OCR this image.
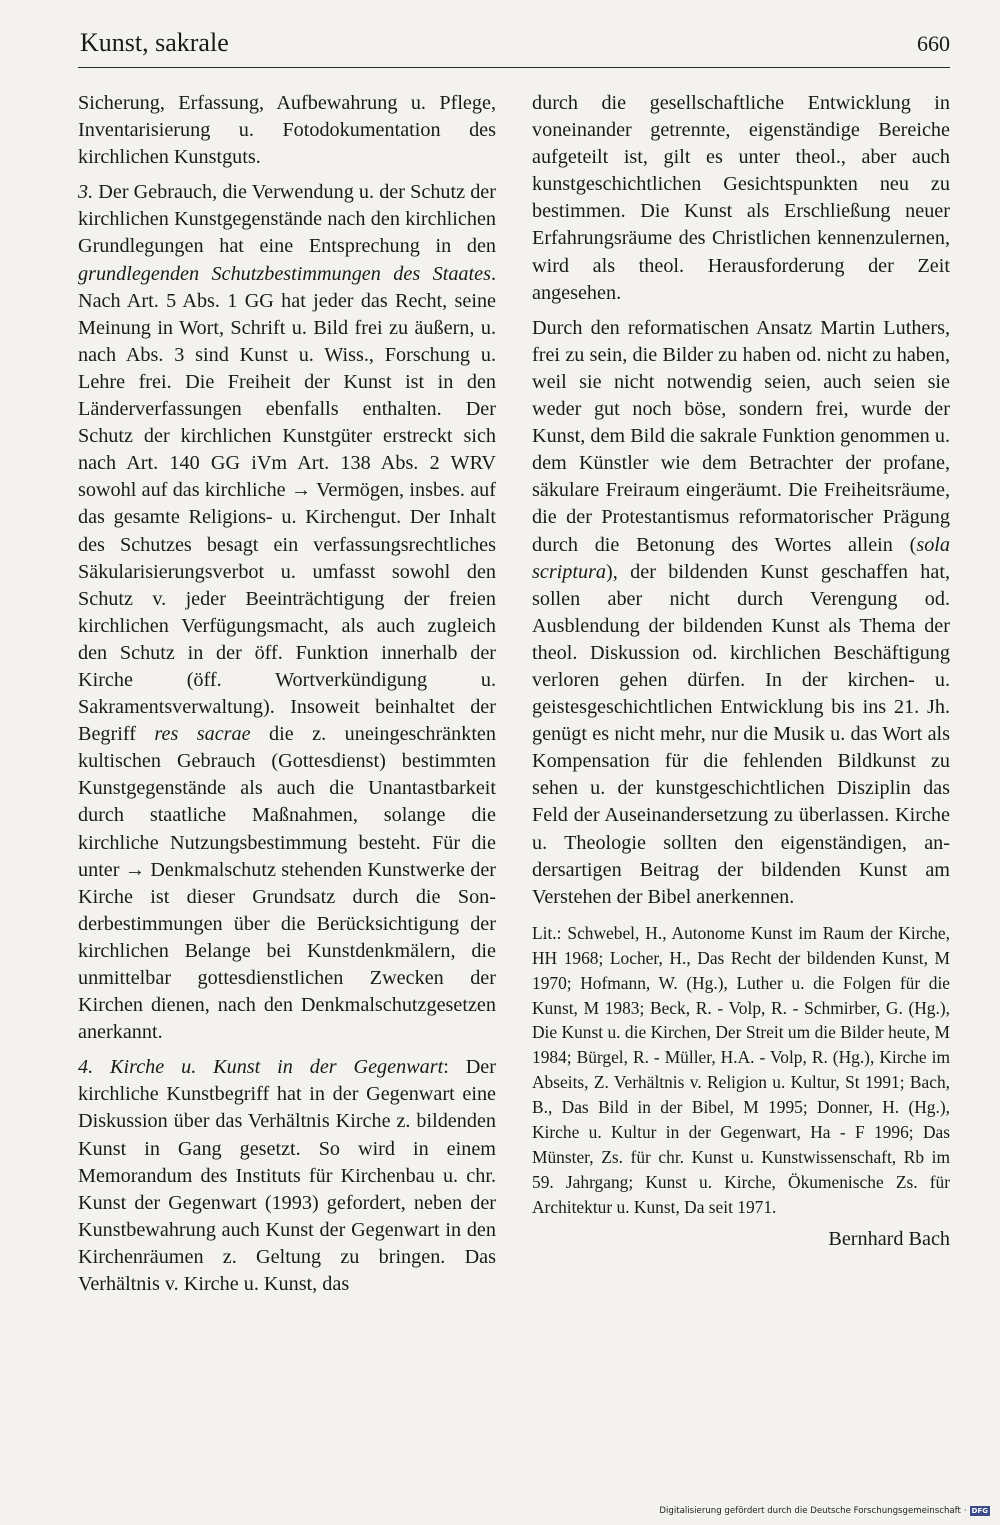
Kunst, sakrale	660

Sicherung, Erfassung, Aufbewahrung u. Pflege, Inventarisierung u. Fotodokumentation des kirchlichen Kunstguts.

3. Der Gebrauch, die Verwendung u. der Schutz der kirchlichen Kunstgegenstände nach den kirchlichen Grundlegungen hat eine Entsprechung in den grundlegenden Schutzbestimmungen des Staates. Nach Art. 5 Abs. 1 GG hat jeder das Recht, seine Meinung in Wort, Schrift u. Bild frei zu äußern, u. nach Abs. 3 sind Kunst u. Wiss., Forschung u. Lehre frei. Die Freiheit der Kunst ist in den Länderverfassungen ebenfalls enthalten. Der Schutz der kirchlichen Kunstgüter erstreckt sich nach Art. 140 GG iVm Art. 138 Abs. 2 WRV sowohl auf das kirchliche → Vermögen, insbes. auf das gesamte Religions- u. Kirchengut. Der Inhalt des Schutzes besagt ein verfassungsrechtliches Säkularisierungsverbot u. umfasst sowohl den Schutz v. jeder Beeinträchtigung der freien kirchlichen Verfügungsmacht, als auch zugleich den Schutz in der öff. Funktion innerhalb der Kirche (öff. Wortverkündigung u. Sakramentsverwaltung). Insoweit beinhaltet der Begriff res sacrae die z. uneingeschränkten kultischen Gebrauch (Gottesdienst) bestimmten Kunstgegenstände als auch die Unantastbarkeit durch staatliche Maßnahmen, solange die kirchliche Nutzungsbestimmung besteht. Für die unter → Denkmalschutz stehenden Kunstwerke der Kirche ist dieser Grundsatz durch die Sonderbestimmungen über die Berücksichtigung der kirchlichen Belange bei Kunstdenkmälern, die unmittelbar gottesdienstlichen Zwecken der Kirchen dienen, nach den Denkmalschutzgesetzen anerkannt.

4. Kirche u. Kunst in der Gegenwart: Der kirchliche Kunstbegriff hat in der Gegenwart eine Diskussion über das Verhältnis Kirche z. bildenden Kunst in Gang gesetzt. So wird in einem Memorandum des Instituts für Kirchenbau u. chr. Kunst der Gegenwart (1993) gefordert, neben der Kunstbewahrung auch Kunst der Gegenwart in den Kirchenräumen z. Geltung zu bringen. Das Verhältnis v. Kirche u. Kunst, das

durch die gesellschaftliche Entwicklung in voneinander getrennte, eigenständige Bereiche aufgeteilt ist, gilt es unter theol., aber auch kunstgeschichtlichen Gesichtspunkten neu zu bestimmen. Die Kunst als Erschließung neuer Erfahrungsräume des Christlichen kennenzulernen, wird als theol. Herausforderung der Zeit angesehen.

Durch den reformatischen Ansatz Martin Luthers, frei zu sein, die Bilder zu haben od. nicht zu haben, weil sie nicht notwendig seien, auch seien sie weder gut noch böse, sondern frei, wurde der Kunst, dem Bild die sakrale Funktion genommen u. dem Künstler wie dem Betrachter der profane, säkulare Freiraum eingeräumt. Die Freiheitsräume, die der Protestantismus reformatorischer Prägung durch die Betonung des Wortes allein (sola scriptura), der bildenden Kunst geschaffen hat, sollen aber nicht durch Verengung od. Ausblendung der bildenden Kunst als Thema der theol. Diskussion od. kirchlichen Beschäftigung verloren gehen dürfen. In der kirchen- u. geistesgeschichtlichen Entwicklung bis ins 21. Jh. genügt es nicht mehr, nur die Musik u. das Wort als Kompensation für die fehlenden Bildkunst zu sehen u. der kunstgeschichtlichen Disziplin das Feld der Auseinandersetzung zu überlassen. Kirche u. Theologie sollten den eigenständigen, andersartigen Beitrag der bildenden Kunst am Verstehen der Bibel anerkennen.

Lit.: Schwebel, H., Autonome Kunst im Raum der Kirche, HH 1968; Locher, H., Das Recht der bildenden Kunst, M 1970; Hofmann, W. (Hg.), Luther u. die Folgen für die Kunst, M 1983; Beck, R. - Volp, R. - Schmirber, G. (Hg.), Die Kunst u. die Kirchen, Der Streit um die Bilder heute, M 1984; Bürgel, R. - Müller, H.A. - Volp, R. (Hg.), Kirche im Abseits, Z. Verhältnis v. Religion u. Kultur, St 1991; Bach, B., Das Bild in der Bibel, M 1995; Donner, H. (Hg.), Kirche u. Kultur in der Gegenwart, Ha - F 1996; Das Münster, Zs. für chr. Kunst u. Kunstwissenschaft, Rb im 59. Jahrgang; Kunst u. Kirche, Ökumenische Zs. für Architektur u. Kunst, Da seit 1971.
Bernhard Bach
Digitalisierung gefördert durch die Deutsche Forschungsgemeinschaft · DFG
